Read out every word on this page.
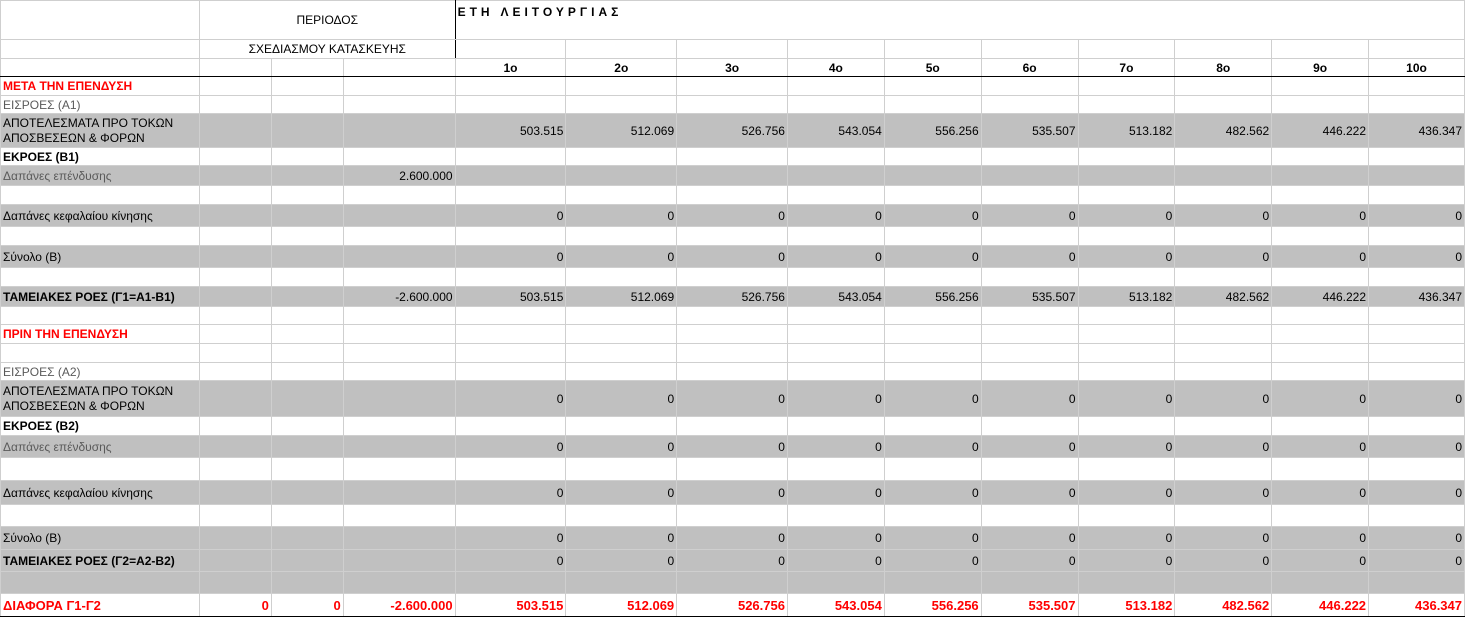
	ΠΕΡΙΟΔΟΣ			ΕΤΗ ΛΕΙΤΟΥΡΓΙΑΣ									
	ΣΧΕΔΙΑΣΜΟΥ ΚΑΤΑΣΚΕΥΗΣ												
				1ο	2ο	3ο	4ο	5ο	6ο	7ο	8ο	9ο	10ο
ΜΕΤΑ ΤΗΝ ΕΠΕΝΔΥΣΗ													
ΕΙΣΡΟΕΣ (Α1)													
ΑΠΟΤΕΛΕΣΜΑΤΑ ΠΡΟ ΤΟΚΩΝ
ΑΠΟΣΒΕΣΕΩΝ & ΦΟΡΩΝ				503.515	512.069	526.756	543.054	556.256	535.507	513.182	482.562	446.222	436.347
ΕΚΡΟΕΣ (Β1)													
Δαπάνες επένδυσης			2.600.000										

Δαπάνες κεφαλαίου κίνησης				0	0	0	0	0	0	0	0	0	0

Σύνολο (Β)				0	0	0	0	0	0	0	0	0	0

ΤΑΜΕΙΑΚΕΣ ΡΟΕΣ (Γ1=Α1-Β1)			-2.600.000	503.515	512.069	526.756	543.054	556.256	535.507	513.182	482.562	446.222	436.347

ΠΡΙΝ ΤΗΝ ΕΠΕΝΔΥΣΗ													

ΕΙΣΡΟΕΣ (Α2)													
ΑΠΟΤΕΛΕΣΜΑΤΑ ΠΡΟ ΤΟΚΩΝ
ΑΠΟΣΒΕΣΕΩΝ & ΦΟΡΩΝ				0	0	0	0	0	0	0	0	0	0
ΕΚΡΟΕΣ (Β2)													
Δαπάνες επένδυσης				0	0	0	0	0	0	0	0	0	0

Δαπάνες κεφαλαίου κίνησης				0	0	0	0	0	0	0	0	0	0

Σύνολο (Β)				0	0	0	0	0	0	0	0	0	0
ΤΑΜΕΙΑΚΕΣ ΡΟΕΣ (Γ2=Α2-Β2)				0	0	0	0	0	0	0	0	0	0

ΔΙΑΦΟΡΑ Γ1-Γ2	0	0	-2.600.000	503.515	512.069	526.756	543.054	556.256	535.507	513.182	482.562	446.222	436.347
